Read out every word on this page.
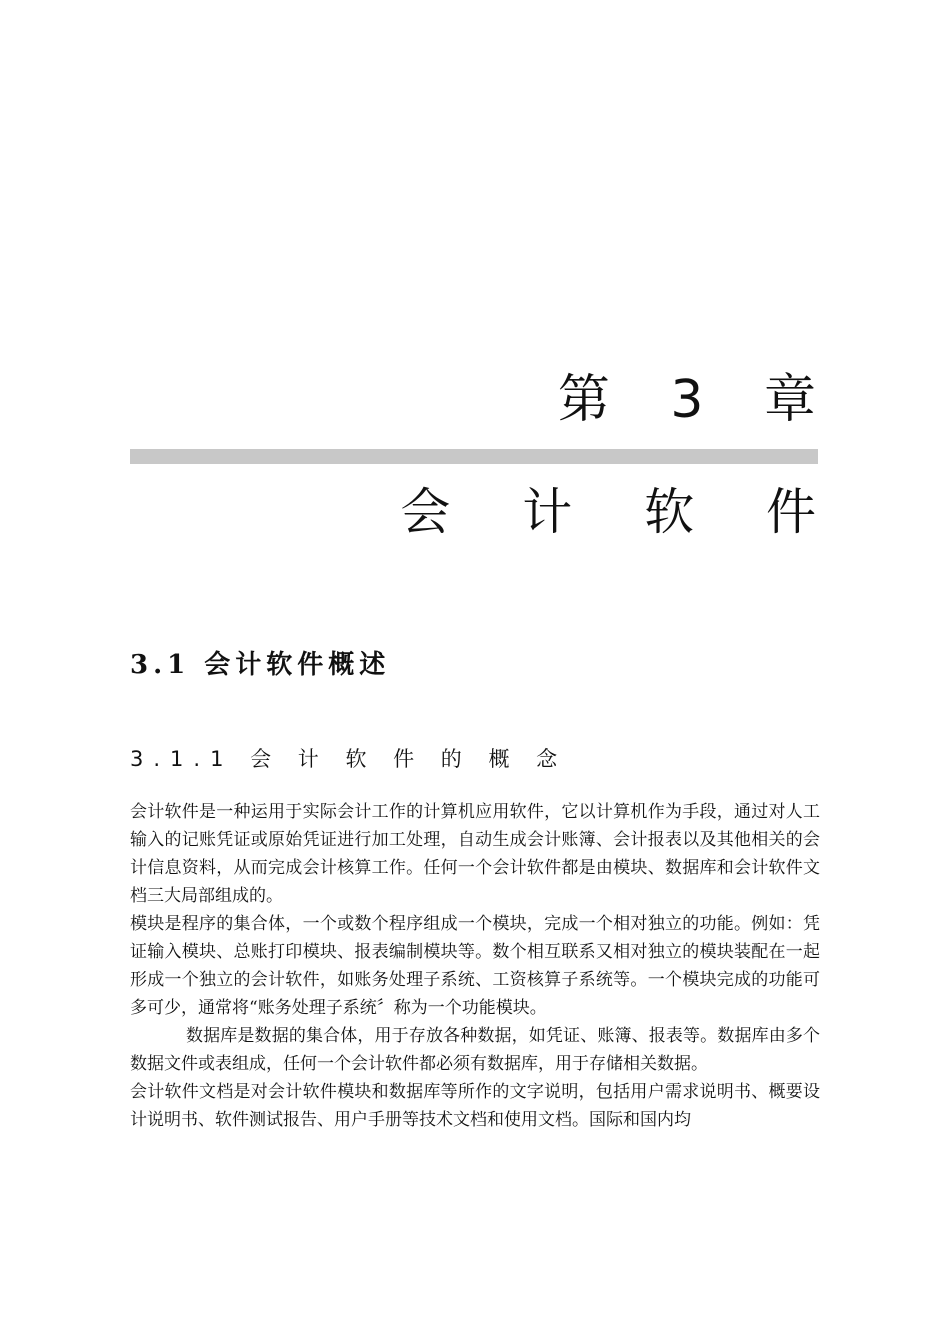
第 3 章
会 计 软 件
3.1 会计软件概述
3.1.1 会 计 软 件 的 概 念

会计软件是一种运用于实际会计工作的计算机应用软件，它以计算机作为手段，通过对人工输入的记账凭证或原始凭证进行加工处理，自动生成会计账簿、会计报表以及其他相关的会计信息资料，从而完成会计核算工作。任何一个会计软件都是由模块、数据库和会计软件文档三大局部组成的。

模块是程序的集合体，一个或数个程序组成一个模块，完成一个相对独立的功能。例如：凭证输入模块、总账打印模块、报表编制模块等。数个相互联系又相对独立的模块装配在一起形成一个独立的会计软件，如账务处理子系统、工资核算子系统等。一个模块完成的功能可多可少，通常将“账务处理子系统〞称为一个功能模块。

数据库是数据的集合体，用于存放各种数据，如凭证、账簿、报表等。数据库由多个数据文件或表组成，任何一个会计软件都必须有数据库，用于存储相关数据。

会计软件文档是对会计软件模块和数据库等所作的文字说明，包括用户需求说明书、概要设计说明书、软件测试报告、用户手册等技术文档和使用文档。国际和国内均
